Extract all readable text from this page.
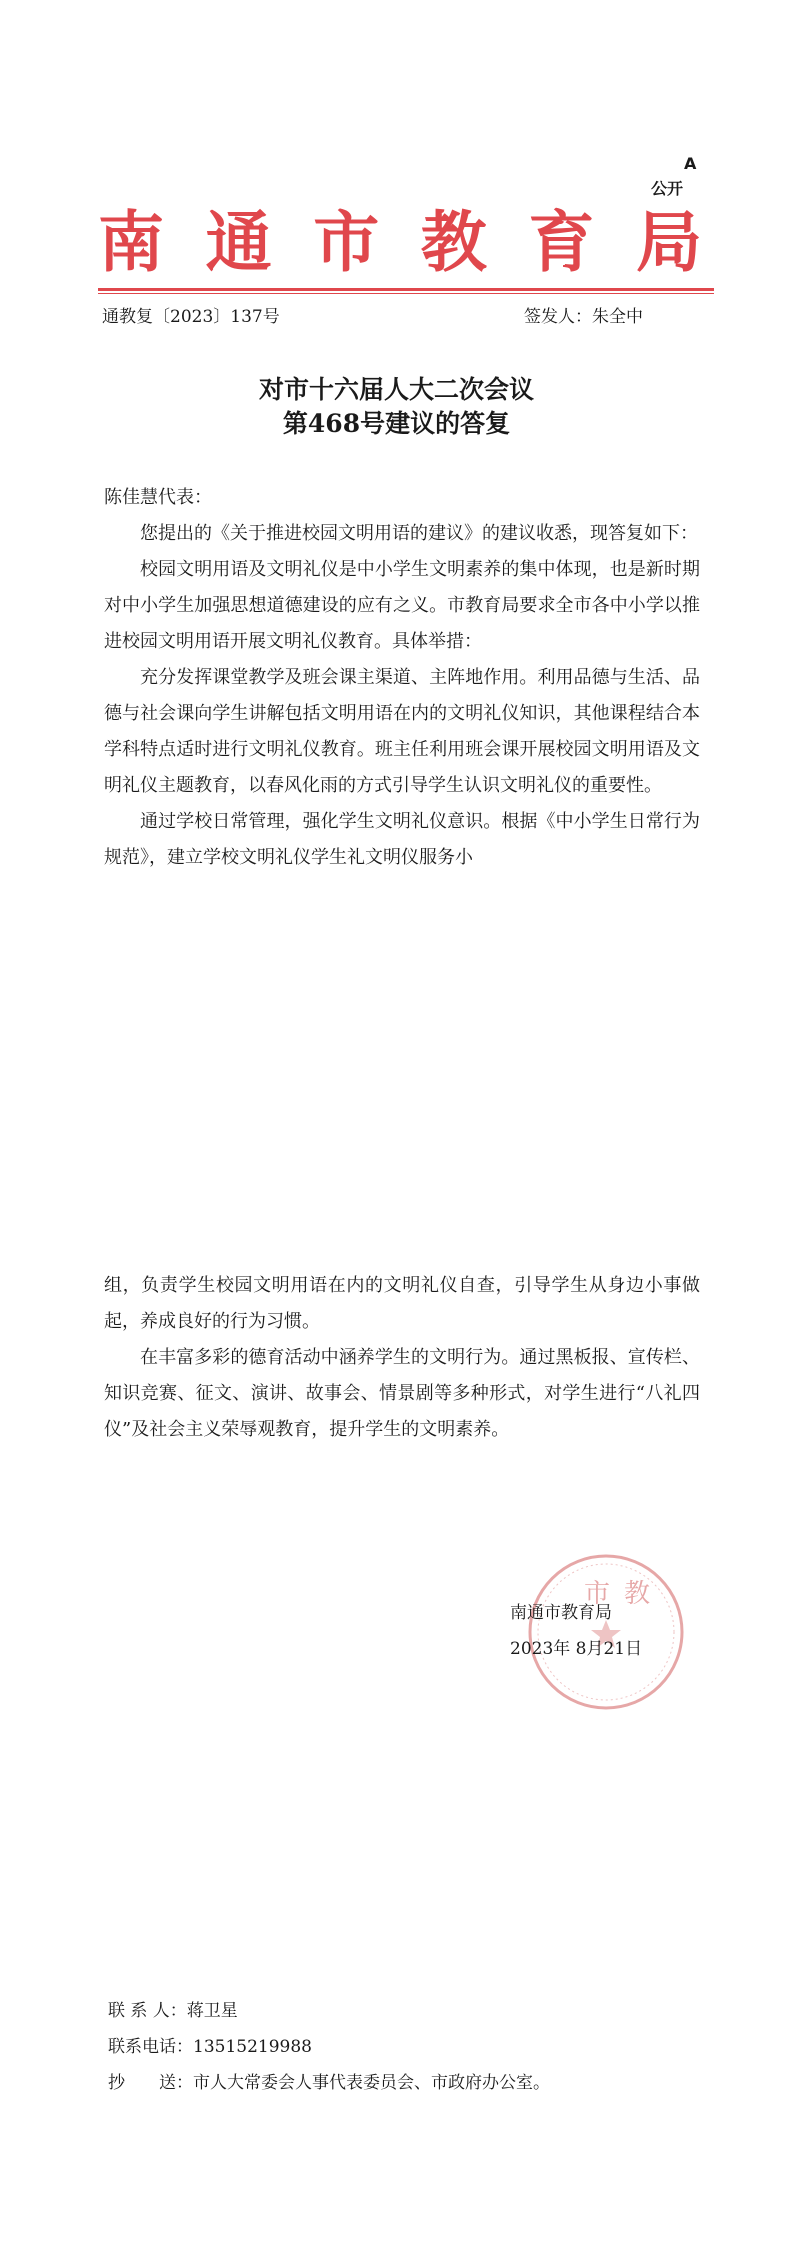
A
公开
南 通 市 教 育 局
通教复〔2023〕137号	签发人：朱全中
对市十六届人大二次会议
第468号建议的答复

陈佳慧代表：

您提出的《关于推进校园文明用语的建议》的建议收悉，现答复如下：

校园文明用语及文明礼仪是中小学生文明素养的集中体现，也是新时期对中小学生加强思想道德建设的应有之义。市教育局要求全市各中小学以推进校园文明用语开展文明礼仪教育。具体举措：

充分发挥课堂教学及班会课主渠道、主阵地作用。利用品德与生活、品德与社会课向学生讲解包括文明用语在内的文明礼仪知识，其他课程结合本学科特点适时进行文明礼仪教育。班主任利用班会课开展校园文明用语及文明礼仪主题教育，以春风化雨的方式引导学生认识文明礼仪的重要性。

通过学校日常管理，强化学生文明礼仪意识。根据《中小学生日常行为规范》，建立学校文明礼仪学生礼文明仪服务小

组，负责学生校园文明用语在内的文明礼仪自查，引导学生从身边小事做起，养成良好的行为习惯。

在丰富多彩的德育活动中涵养学生的文明行为。通过黑板报、宣传栏、知识竞赛、征文、演讲、故事会、情景剧等多种形式，对学生进行“八礼四仪”及社会主义荣辱观教育，提升学生的文明素养。

市 教
南通市教育局
2023年 8月21日
联 系 人：蒋卫星
联系电话：13515219988
抄　　送：市人大常委会人事代表委员会、市政府办公室。
